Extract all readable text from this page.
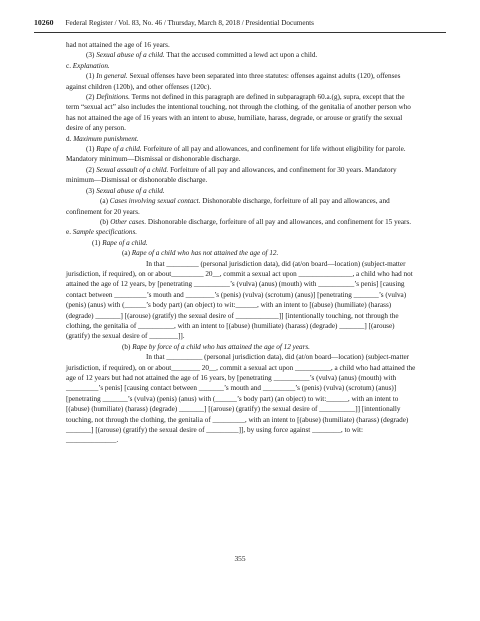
10260 Federal Register / Vol. 83, No. 46 / Thursday, March 8, 2018 / Presidential Documents

had not attained the age of 16 years.

(3) Sexual abuse of a child. That the accused committed a lewd act upon a child.

c. Explanation.

(1) In general. Sexual offenses have been separated into three statutes: offenses against adults (120), offenses against children (120b), and other offenses (120c).

(2) Definitions. Terms not defined in this paragraph are defined in subparagraph 60.a.(g), supra, except that the term “sexual act” also includes the intentional touching, not through the clothing, of the genitalia of another person who has not attained the age of 16 years with an intent to abuse, humiliate, harass, degrade, or arouse or gratify the sexual desire of any person.

d. Maximum punishment.

(1) Rape of a child. Forfeiture of all pay and allowances, and confinement for life without eligibility for parole. Mandatory minimum—Dismissal or dishonorable discharge.

(2) Sexual assault of a child. Forfeiture of all pay and allowances, and confinement for 30 years. Mandatory minimum—Dismissal or dishonorable discharge.

(3) Sexual abuse of a child.

(a) Cases involving sexual contact. Dishonorable discharge, forfeiture of all pay and allowances, and confinement for 20 years.

(b) Other cases. Dishonorable discharge, forfeiture of all pay and allowances, and confinement for 15 years.

e. Sample specifications.

(1) Rape of a child.

(a) Rape of a child who has not attained the age of 12.

In that _________ (personal jurisdiction data), did (at/on board—location) (subject-matter jurisdiction, if required), on or about_________ 20__, commit a sexual act upon _______________, a child who had not attained the age of 12 years, by [penetrating __________’s (vulva) (anus) (mouth) with __________’s penis] [causing contact between _________’s mouth and ________’s (penis) (vulva) (scrotum) (anus)] [penetrating _______’s (vulva) (penis) (anus) with (______’s body part) (an object) to wit:______, with an intent to [(abuse) (humiliate) (harass) (degrade) _______] [(arouse) (gratify) the sexual desire of ____________]] [intentionally touching, not through the clothing, the genitalia of __________, with an intent to [(abuse) (humiliate) (harass) (degrade) _______] [(arouse) (gratify) the sexual desire of ________]].

(b) Rape by force of a child who has attained the age of 12 years.

In that __________ (personal jurisdiction data), did (at/on board—location) (subject-matter jurisdiction, if required), on or about________ 20__, commit a sexual act upon __________, a child who had attained the age of 12 years but had not attained the age of 16 years, by [penetrating __________’s (vulva) (anus) (mouth) with _________’s penis] [causing contact between _______’s mouth and _________’s (penis) (vulva) (scrotum) (anus)] [penetrating _______’s (vulva) (penis) (anus) with (______’s body part) (an object) to wit:______, with an intent to [(abuse) (humiliate) (harass) (degrade) _______] [(arouse) (gratify) the sexual desire of __________]] [intentionally touching, not through the clothing, the genitalia of _________, with an intent to [(abuse) (humiliate) (harass) (degrade) _______] [(arouse) (gratify) the sexual desire of _________]], by using force against ________, to wit: ______________.

355
